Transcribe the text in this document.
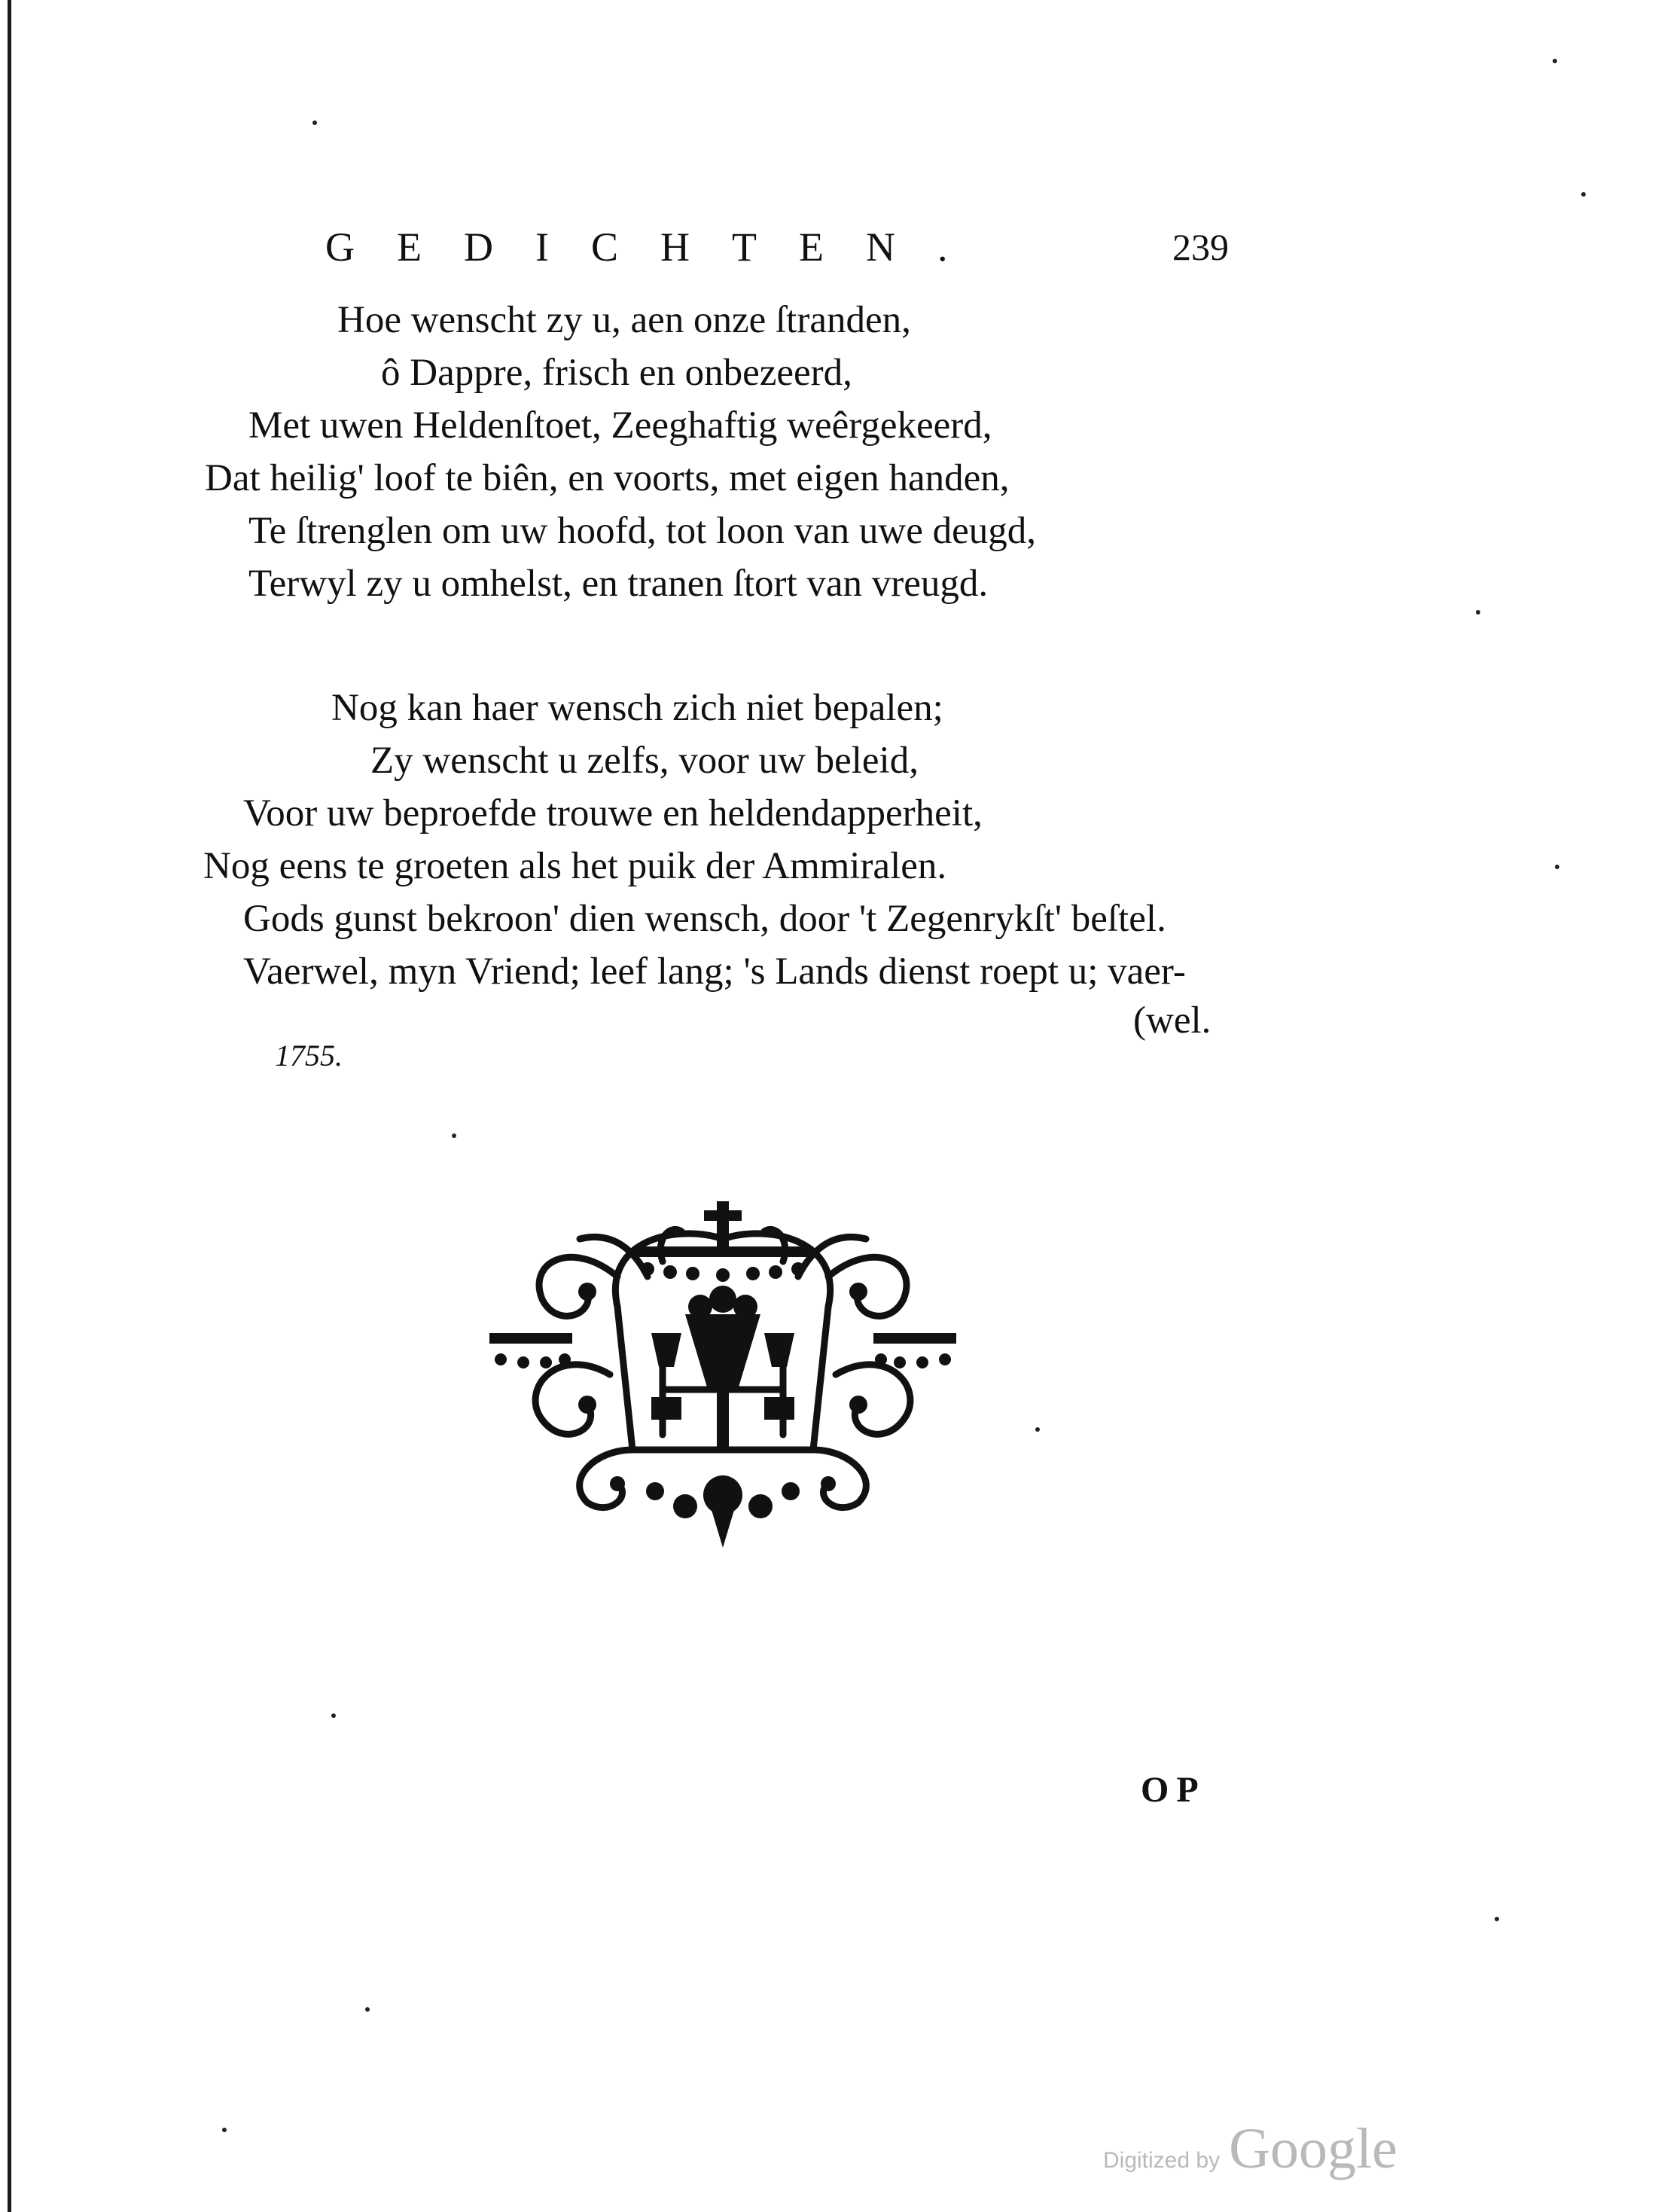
GEDICHTEN.	239
Hoe wenscht zy u, aen onze ſtranden,
ô Dappre, frisch en onbezeerd,
Met uwen Heldenſtoet, Zeeghaftig weêrgekeerd,
Dat heilig' loof te biên, en voorts, met eigen handen,
Te ſtrenglen om uw hoofd, tot loon van uwe deugd,
Terwyl zy u omhelst, en tranen ſtort van vreugd.
Nog kan haer wensch zich niet bepalen;
Zy wenscht u zelfs, voor uw beleid,
Voor uw beproefde trouwe en heldendapperheit,
Nog eens te groeten als het puik der Ammiralen.
Gods gunst bekroon' dien wensch, door 't Zegenrykſt' beſtel.
Vaerwel, myn Vriend; leef lang; 's Lands dienst roept u; vaer-
(wel.
1755.
OP
Digitized by Google
